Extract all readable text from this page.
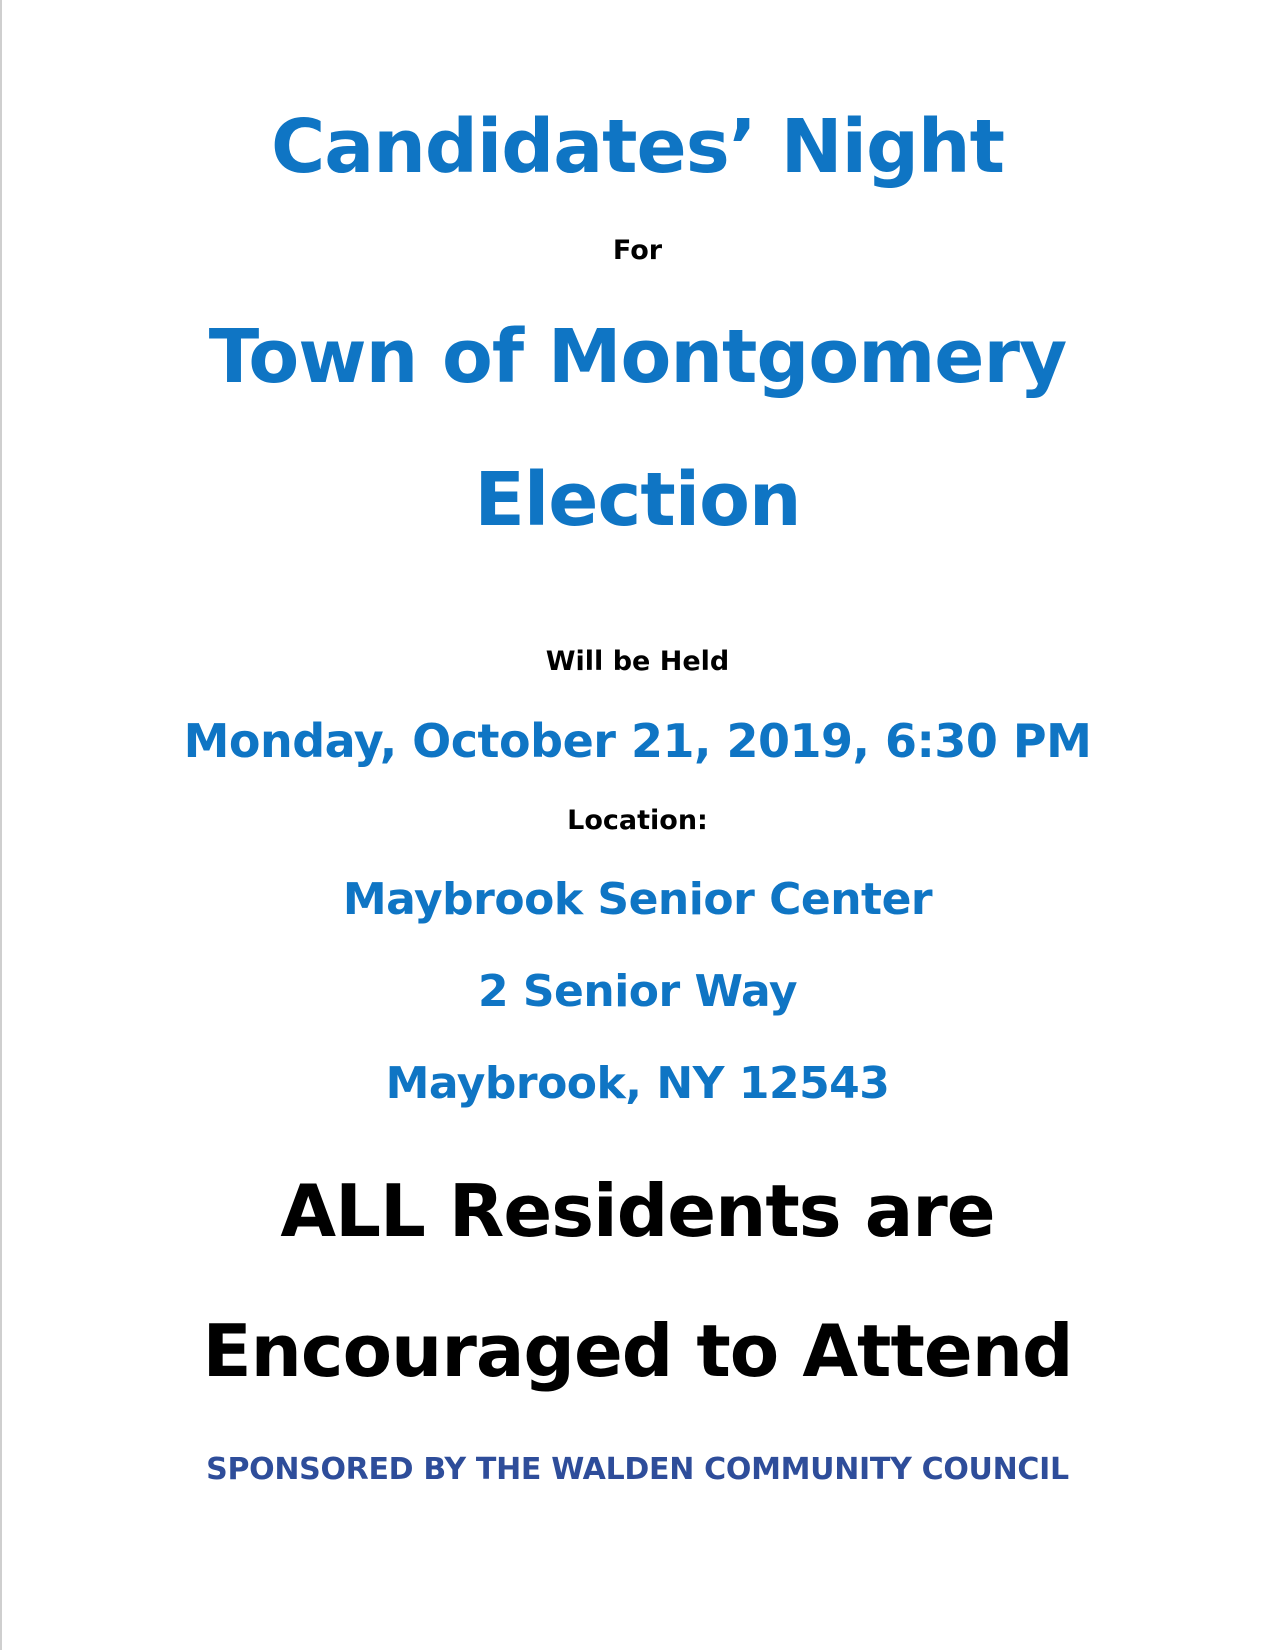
Candidates’ Night
For
Town of Montgomery
Election
Will be Held
Monday, October 21, 2019, 6:30 PM
Location:
Maybrook Senior Center
2 Senior Way
Maybrook, NY 12543
ALL Residents are
Encouraged to Attend
SPONSORED BY THE WALDEN COMMUNITY COUNCIL
